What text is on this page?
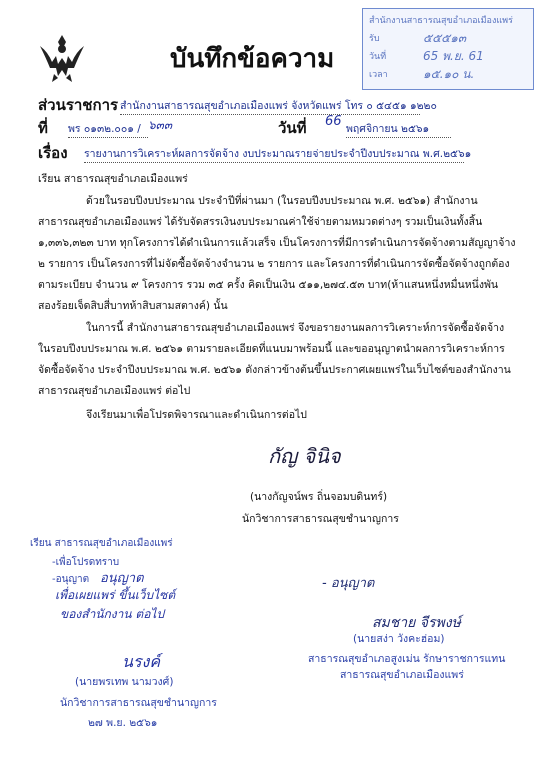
สำนักงานสาธารณสุขอำเภอเมืองแพร่
รับ	๕๕๕๑๓
วันที่	65 พ.ย. 61
เวลา	๑๕.๑๐ น.
บันทึกข้อความ
ส่วนราชการ สำนักงานสาธารณสุขอำเภอเมืองแพร่ จังหวัดแพร่ โทร ๐ ๕๔๕๑ ๑๒๒๐
ที่ พร ๐๑๓๒.๐๐๑ / ๖๓๓	วันที่ 66 พฤศจิกายน ๒๕๖๑
เรื่อง รายงานการวิเคราะห์ผลการจัดจ้าง งบประมาณรายจ่ายประจำปีงบประมาณ พ.ศ.๒๕๖๑
เรียน สาธารณสุขอำเภอเมืองแพร่
ด้วยในรอบปีงบประมาณ ประจำปีที่ผ่านมา (ในรอบปีงบประมาณ พ.ศ. ๒๕๖๑) สำนักงาน
สาธารณสุขอำเภอเมืองแพร่ ได้รับจัดสรรเงินงบประมาณค่าใช้จ่ายตามหมวดต่างๆ รวมเป็นเงินทั้งสิ้น
๑,๓๓๖,๓๒๓ บาท ทุกโครงการได้ดำเนินการแล้วเสร็จ เป็นโครงการที่มีการดำเนินการจัดจ้างตามสัญญาจ้าง
๒ รายการ เป็นโครงการที่ไม่จัดซื้อจัดจ้างจำนวน ๒ รายการ และโครงการที่ดำเนินการจัดซื้อจัดจ้างถูกต้อง
ตามระเบียบ จำนวน ๙ โครงการ รวม ๓๕ ครั้ง คิดเป็นเงิน ๕๑๑,๒๗๔.๕๓ บาท(ห้าแสนหนึ่งหมื่นหนึ่งพัน
สองร้อยเจ็ดสิบสี่บาทห้าสิบสามสตางค์) นั้น
ในการนี้ สำนักงานสาธารณสุขอำเภอเมืองแพร่ จึงขอรายงานผลการวิเคราะห์การจัดซื้อจัดจ้าง
ในรอบปีงบประมาณ พ.ศ. ๒๕๖๑ ตามรายละเอียดที่แนบมาพร้อมนี้ และขออนุญาตนำผลการวิเคราะห์การ
จัดซื้อจัดจ้าง ประจำปีงบประมาณ พ.ศ. ๒๕๖๑ ดังกล่าวข้างต้นขึ้นประกาศเผยแพร่ในเว็บไซต์ของสำนักงาน
สาธารณสุขอำเภอเมืองแพร่ ต่อไป
จึงเรียนมาเพื่อโปรดพิจารณาและดำเนินการต่อไป
กัญ จินิจ
(นางกัญจน์พร ถิ่นจอมบดินทร์)
นักวิชาการสาธารณสุขชำนาญการ
เรียน สาธารณสุขอำเภอเมืองแพร่
-เพื่อโปรดทราบ
-อนุญาต อนุญาต
เพื่อเผยแพร่ ขึ้นเว็บไซต์
ของสำนักงาน ต่อไป
นรงค์
(นายพรเทพ นามวงศ์)
นักวิชาการสาธารณสุขชำนาญการ
๒๗ พ.ย. ๒๕๖๑
- อนุญาต
สมชาย จีรพงษ์
(นายสง่า วังคะฮ่อม)
สาธารณสุขอำเภอสูงเม่น รักษาราชการแทน
สาธารณสุขอำเภอเมืองแพร่
